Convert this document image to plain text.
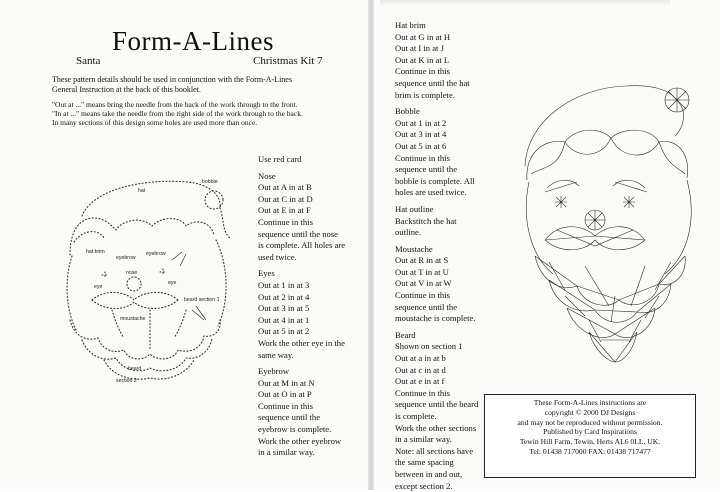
Form-A-Lines
Santa	Christmas Kit 7
These pattern details should be used in conjunction with the Form-A-Lines
General Instruction at the back of this booklet.
"Out at ..." means bring the needle from the back of the work through to the front.
"In at ..." means take the needle from the right side of the work through to the back.
In many sections of this design some holes are used more than once.
bobble
hat
hat brim
eyebrow
eyebrow
eye
nose
eye
moustache
beard section 1
beard
section 2
Use red card
Nose
Out at A in at B
Out at C in at D
Out at E in at F
Continue in this
sequence until the nose
is complete. All holes are
used twice.
Eyes
Out at 1 in at 3
Out at 2 in at 4
Out at 3 in at 5
Out at 4 in at 1
Out at 5 in at 2
Work the other eye in the
same way.
Eyebrow
Out at M in at N
Out at O in at P
Continue in this
sequence until the
eyebrow is complete.
Work the other eyebrow
in a similar way.
Hat brim
Out at G in at H
Out at I in at J
Out at K in at L
Continue in this
sequence until the hat
brim is complete.
Bobble
Out at 1 in at 2
Out at 3 in at 4
Out at 5 in at 6
Continue in this
sequence until the
bobble is complete. All
holes are used twice.
Hat outline
Backstitch the hat
outline.
Moustache
Out at R in at S
Out at T in at U
Out at V in at W
Continue in this
sequence until the
moustache is complete.
Beard
Shown on section 1
Out at a in at b
Out at c in at d
Out at e in at f
Continue in this
sequence until the beard
is complete.
Work the other sections
in a similar way.
Note: all sections have
the same spacing
between in and out,
except section 2.
These Form-A-Lines instructions are
copyright © 2000 DJ Designs
and may not be reproduced without permission.
Published by Card Inspirations
Tewin Hill Farm, Tewin, Herts AL6 0LL, UK.
Tel: 01438 717000 FAX: 01438 717477
